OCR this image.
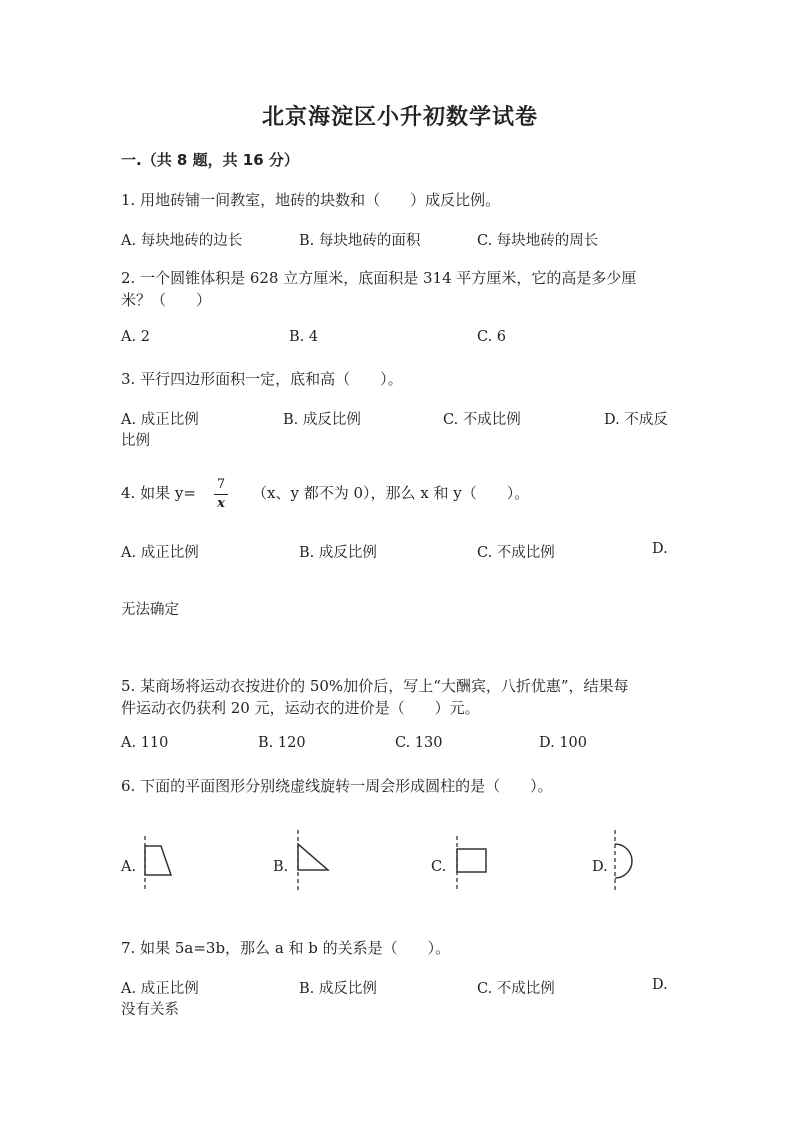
北京海淀区小升初数学试卷
一.（共 8 题，共 16 分）
1. 用地砖铺一间教室，地砖的块数和（　　）成反比例。
A. 每块地砖的边长	B. 每块地砖的面积	C. 每块地砖的周长
2. 一个圆锥体积是 628 立方厘米，底面积是 314 平方厘米，它的高是多少厘
米？（　　）
A. 2	B. 4	C. 6
3. 平行四边形面积一定，底和高（　　）。
A. 成正比例	B. 成反比例	C. 不成比例	D. 不成反
比例
4. 如果 y= 7
x
（x、y 都不为 0），那么 x 和 y（　　）。
A. 成正比例	B. 成反比例	C. 不成比例	D.
无法确定
5. 某商场将运动衣按进价的 50%加价后，写上“大酬宾，八折优惠”，结果每
件运动衣仍获利 20 元，运动衣的进价是（　　）元。
A. 110	B. 120	C. 130	D. 100
6. 下面的平面图形分别绕虚线旋转一周会形成圆柱的是（　　）。
A.	B.	C.	D.
7. 如果 5a=3b，那么 a 和 b 的关系是（　　）。
A. 成正比例	B. 成反比例	C. 不成比例	D.
没有关系
